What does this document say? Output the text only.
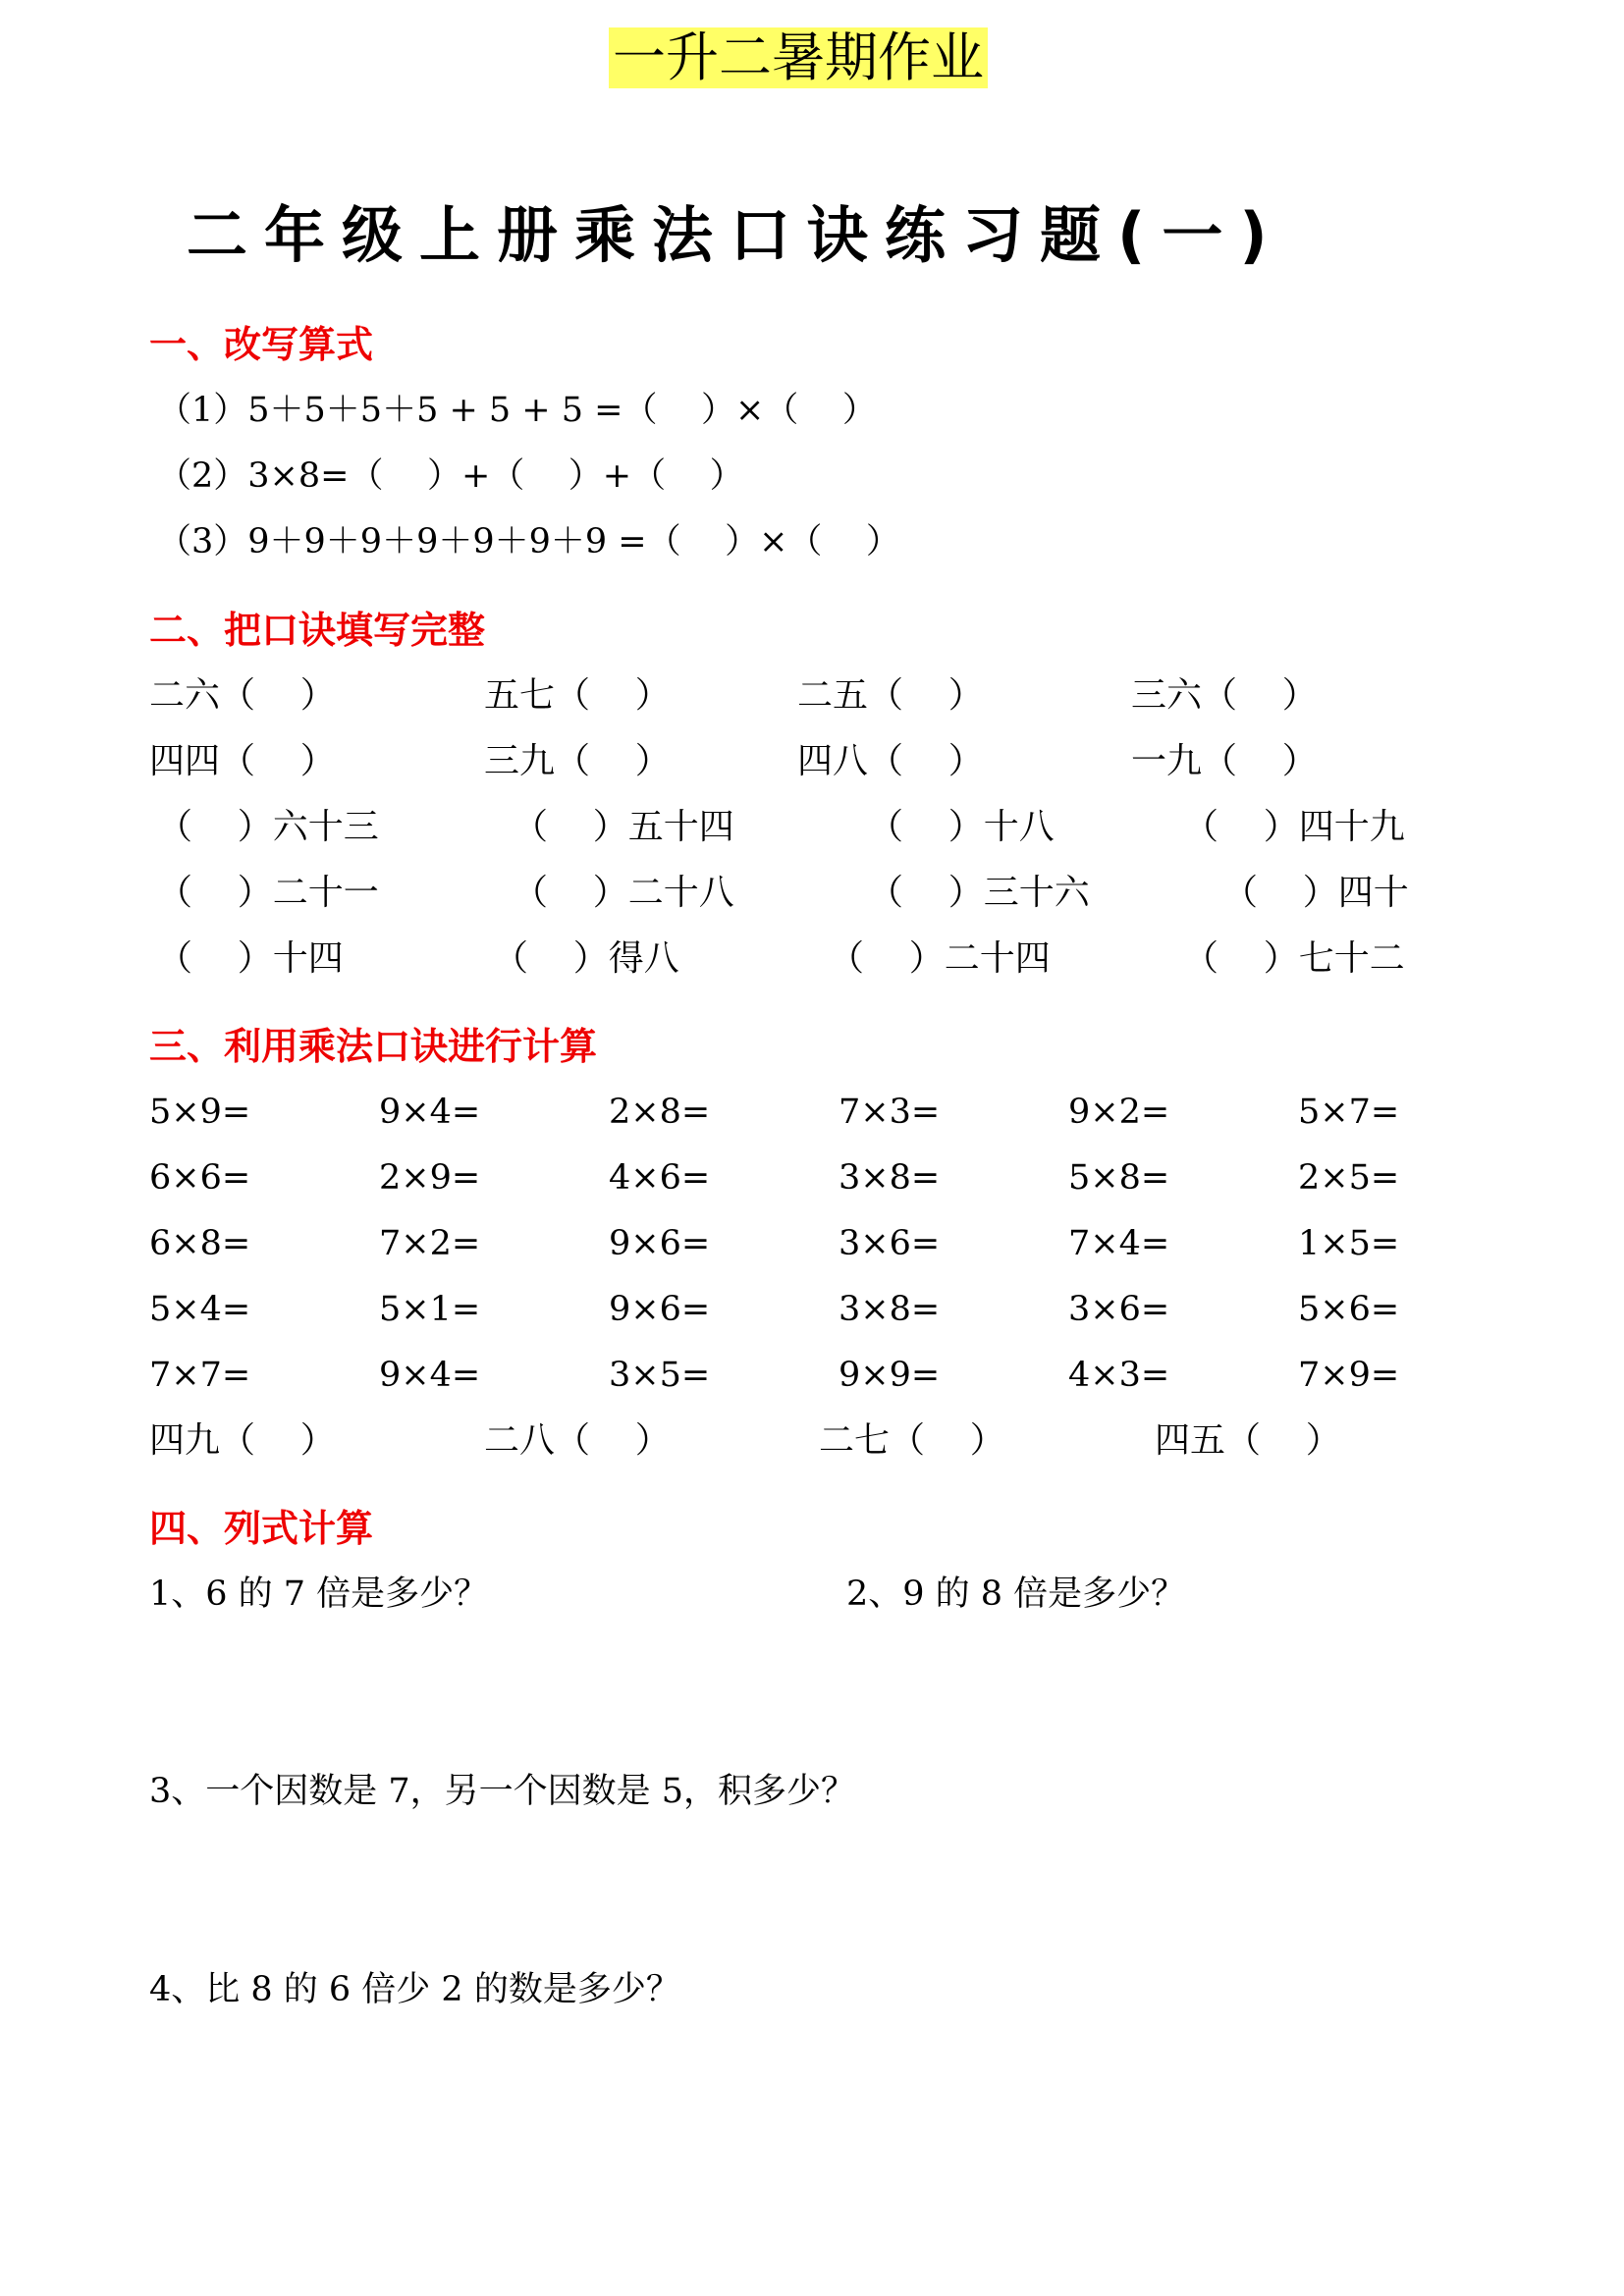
一升二暑期作业
二年级上册乘法口诀练习题(一)
一、改写算式
（1）5＋5＋5＋5 + 5 + 5 =（    ）×（    ）
（2）3×8=（    ）+（    ）+（    ）
（3）9＋9＋9＋9＋9＋9＋9 =（    ）×（    ）
二、把口诀填写完整
二六（    ）	五七（    ）	二五（    ）	三六（    ）
四四（    ）	三九（    ）	四八（    ）	一九（    ）
（    ）六十三	（    ）五十四	（    ）十八	（    ）四十九
（    ）二十一	（    ）二十八	（    ）三十六	（    ）四十
（    ）十四	（    ）得八	（    ）二十四	（    ）七十二
三、利用乘法口诀进行计算
5×9=	9×4=	2×8=	7×3=	9×2=	5×7=
6×6=	2×9=	4×6=	3×8=	5×8=	2×5=
6×8=	7×2=	9×6=	3×6=	7×4=	1×5=
5×4=	5×1=	9×6=	3×8=	3×6=	5×6=
7×7=	9×4=	3×5=	9×9=	4×3=	7×9=
四九（    ）	二八（    ）	二七（    ）	四五（    ）
四、列式计算
1、6 的 7 倍是多少？	2、9 的 8 倍是多少？
3、一个因数是 7，另一个因数是 5，积多少？
4、比 8 的 6 倍少 2 的数是多少？
